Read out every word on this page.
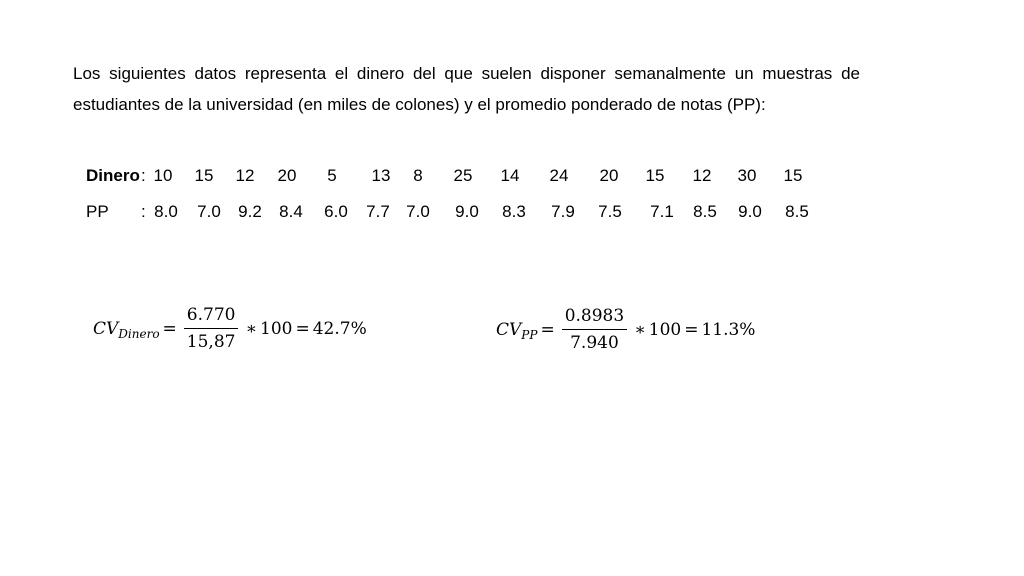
Los siguientes datos representa el dinero del que suelen disponer semanalmente un muestras de estudiantes de la universidad (en miles de colones) y el promedio ponderado de notas (PP):

Dinero : 10	15	12	20	5	13	8	25	14	24	20	15	12	30	15
PP : 8.0	7.0	9.2	8.4	6.0	7.7 7.0	9.0	8.3	7.9	7.5	7.1	8.5	9.0	8.5
CV Dinero = $\frac{6.770}{15,87}$ ∗ 100 = 42.7%	CV PP = $\frac{0.8983}{7.940}$ ∗ 100 = 11.3%
